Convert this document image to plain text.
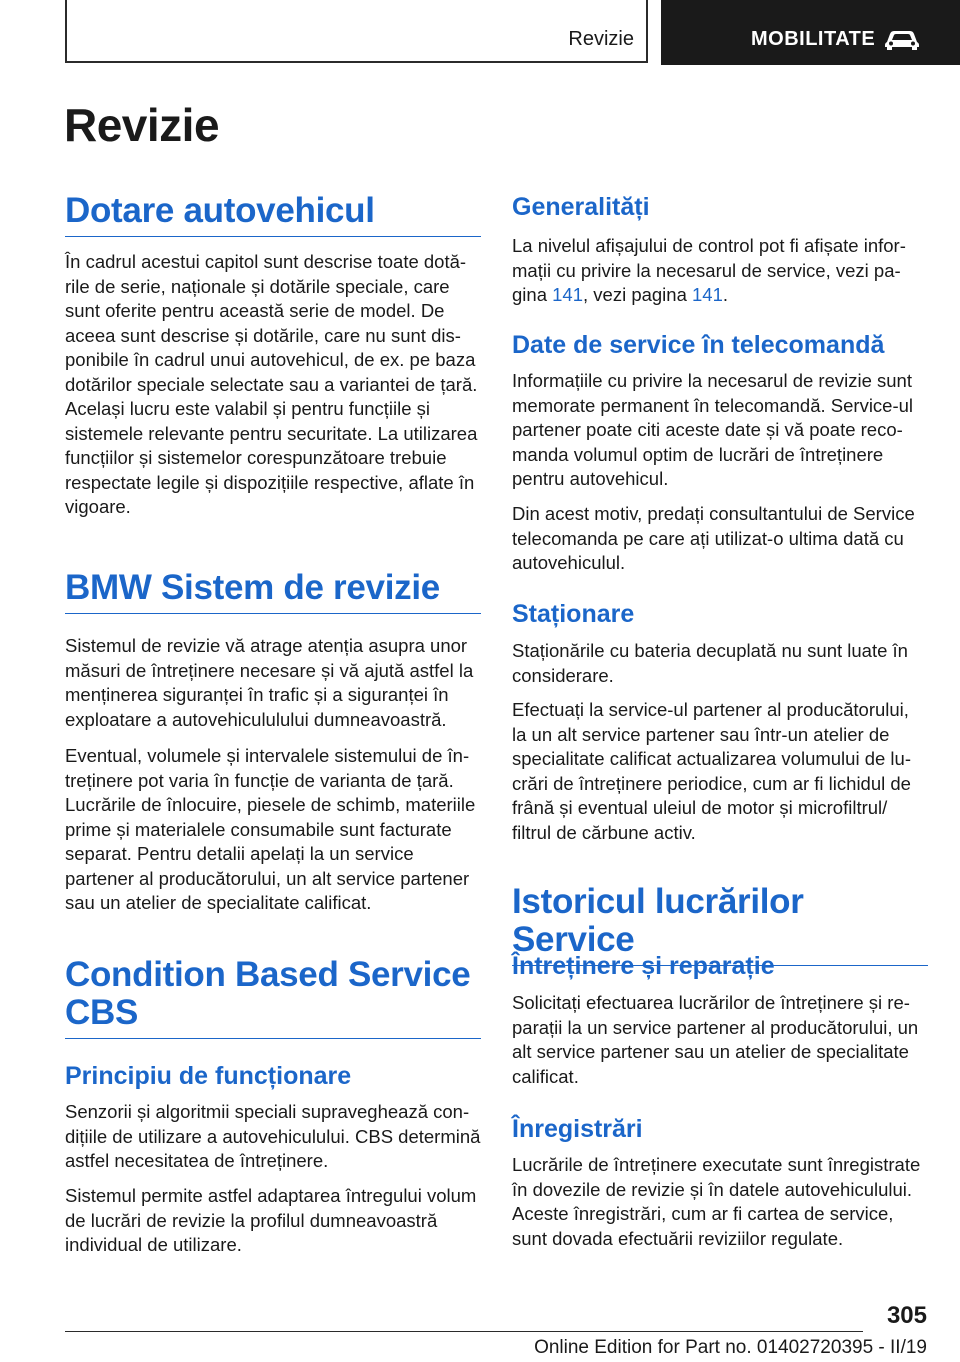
Revizie	MOBILITATE
Revizie
Dotare autovehicul

În cadrul acestui capitol sunt descrise toate dotările de serie, naționale și dotările speciale, care sunt oferite pentru această serie de model. De aceea sunt descrise și dotările, care nu sunt disponibile în cadrul unui autovehicul, de ex. pe baza dotărilor speciale selectate sau a variantei de țară. Același lucru este valabil și pentru funcțiile și sistemele relevante pentru securitate. La utilizarea funcțiilor și sistemelor corespunzătoare trebuie respectate legile și dispozițiile respective, aflate în vigoare.

BMW Sistem de revizie

Sistemul de revizie vă atrage atenția asupra unor măsuri de întreținere necesare și vă ajută astfel la menținerea siguranței în trafic și a siguranței în exploatare a autovehicululului dumneavoastră.

Eventual, volumele și intervalele sistemului de întreținere pot varia în funcție de varianta de țară. Lucrările de înlocuire, piesele de schimb, materiile prime și materialele consumabile sunt facturate separat. Pentru detalii apelați la un service partener al producătorului, un alt service partener sau un atelier de specialitate calificat.

Condition Based Service CBS
Principiu de funcționare

Senzorii și algoritmii speciali supraveghează condițiile de utilizare a autovehiculului. CBS determină astfel necesitatea de întreținere.

Sistemul permite astfel adaptarea întregului volum de lucrări de revizie la profilul dumneavoastră individual de utilizare.

Generalități

La nivelul afișajului de control pot fi afișate informații cu privire la necesarul de service, vezi pagina 141, vezi pagina 141.

Date de service în telecomandă

Informațiile cu privire la necesarul de revizie sunt memorate permanent în telecomandă. Service-ul partener poate citi aceste date și vă poate recomanda volumul optim de lucrări de întreținere pentru autovehicul.

Din acest motiv, predați consultantului de Service telecomanda pe care ați utilizat-o ultima dată cu autovehiculul.

Staționare

Staționările cu bateria decuplată nu sunt luate în considerare.

Efectuați la service-ul partener al producătorului, la un alt service partener sau într-un atelier de specialitate calificat actualizarea volumului de lucrări de întreținere periodice, cum ar fi lichidul de frână și eventual uleiul de motor și microfiltrul/ filtrul de cărbune activ.

Istoricul lucrărilor Service
Întreținere și reparație

Solicitați efectuarea lucrărilor de întreținere și reparații la un service partener al producătorului, un alt service partener sau un atelier de specialitate calificat.

Înregistrări

Lucrările de întreținere executate sunt înregistrate în dovezile de revizie și în datele autovehiculului. Aceste înregistrări, cum ar fi cartea de service, sunt dovada efectuării reviziilor regulate.

305
Online Edition for Part no. 01402720395 - II/19
